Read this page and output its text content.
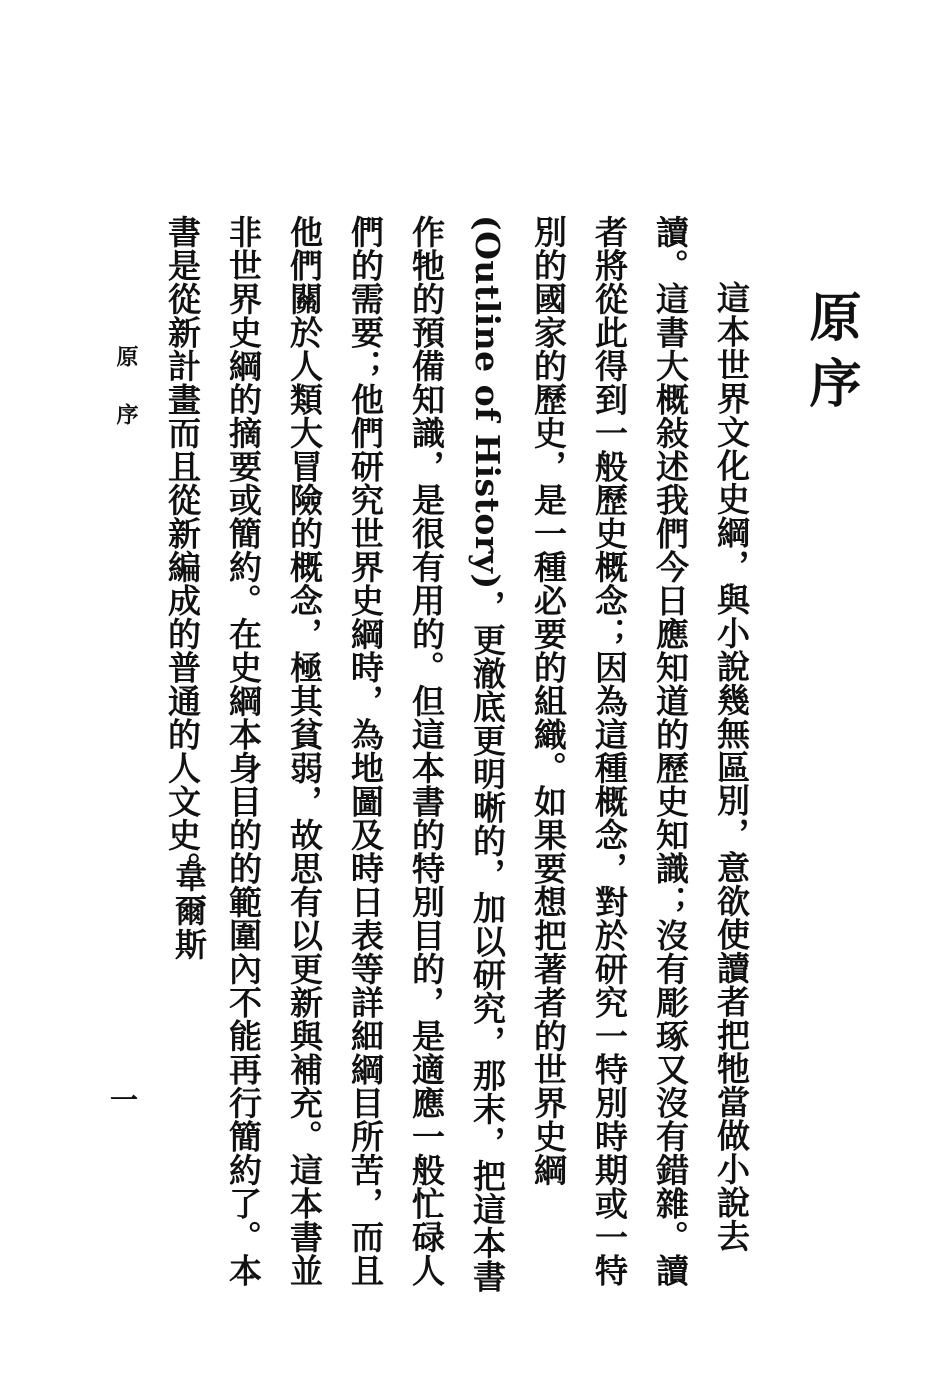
原序

這本世界文化史綱，與小說幾無區別，意欲使讀者把牠當做小說去讀。這書大概敍述我們今日應知道的歷史知識；沒有彫琢又沒有錯雜。讀者將從此得到一般歷史概念；因為這種概念，對於研究一特別時期或一特別的國家的歷史，是一種必要的組織。如果要想把著者的世界史綱(Outline of History)，更澈底更明晰的，加以研究，那末，把這本書作牠的預備知識，是很有用的。但這本書的特別目的，是適應一般忙碌人們的需要；他們研究世界史綱時，為地圖及時日表等詳細綱目所苦，而且他們關於人類大冒險的概念，極其貧弱，故思有以更新與補充。這本書並非世界史綱的摘要或簡約。在史綱本身目的的範圍內不能再行簡約了。本書是從新計畫而且從新編成的普通的人文史。

韋爾斯
原序
一
